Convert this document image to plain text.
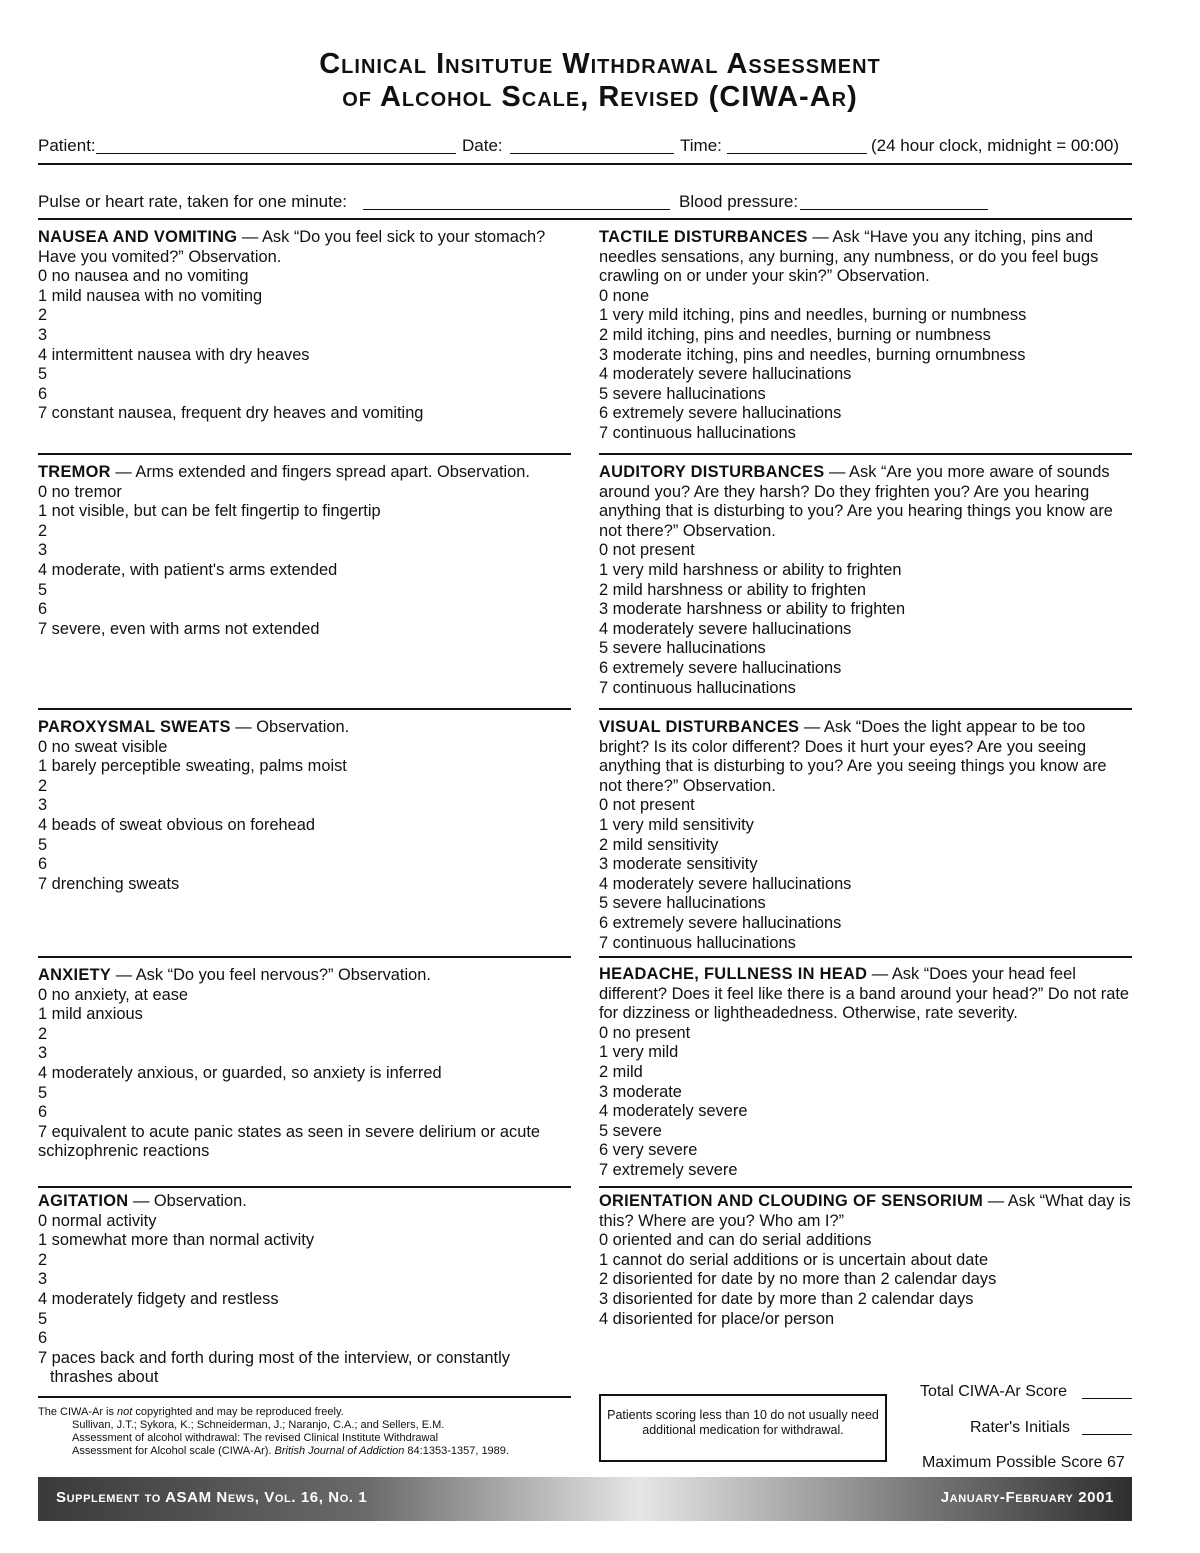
Clinical Insitutue Withdrawal Assessment
of Alcohol Scale, Revised (CIWA-Ar)
Patient:	Date:	Time:	(24 hour clock, midnight = 00:00)
Pulse or heart rate, taken for one minute:	Blood pressure:
NAUSEA AND VOMITING — Ask “Do you feel sick to your stomach? Have you vomited?” Observation.
0 no nausea and no vomiting
1 mild nausea with no vomiting
2
3
4 intermittent nausea with dry heaves
5
6
7 constant nausea, frequent dry heaves and vomiting
TREMOR — Arms extended and fingers spread apart. Observation.
0 no tremor
1 not visible, but can be felt fingertip to fingertip
2
3
4 moderate, with patient's arms extended
5
6
7 severe, even with arms not extended
PAROXYSMAL SWEATS — Observation.
0 no sweat visible
1 barely perceptible sweating, palms moist
2
3
4 beads of sweat obvious on forehead
5
6
7 drenching sweats
ANXIETY — Ask “Do you feel nervous?” Observation.
0 no anxiety, at ease
1 mild anxious
2
3
4 moderately anxious, or guarded, so anxiety is inferred
5
6
7 equivalent to acute panic states as seen in severe delirium or acute schizophrenic reactions
AGITATION — Observation.
0 normal activity
1 somewhat more than normal activity
2
3
4 moderately fidgety and restless
5
6
7 paces back and forth during most of the interview, or constantly thrashes about
TACTILE DISTURBANCES — Ask “Have you any itching, pins and needles sensations, any burning, any numbness, or do you feel bugs crawling on or under your skin?” Observation.
0 none
1 very mild itching, pins and needles, burning or numbness
2 mild itching, pins and needles, burning or numbness
3 moderate itching, pins and needles, burning ornumbness
4 moderately severe hallucinations
5 severe hallucinations
6 extremely severe hallucinations
7 continuous hallucinations
AUDITORY DISTURBANCES — Ask “Are you more aware of sounds around you? Are they harsh? Do they frighten you? Are you hearing anything that is disturbing to you? Are you hearing things you know are not there?” Observation.
0 not present
1 very mild harshness or ability to frighten
2 mild harshness or ability to frighten
3 moderate harshness or ability to frighten
4 moderately severe hallucinations
5 severe hallucinations
6 extremely severe hallucinations
7 continuous hallucinations
VISUAL DISTURBANCES — Ask “Does the light appear to be too bright? Is its color different? Does it hurt your eyes? Are you seeing anything that is disturbing to you? Are you seeing things you know are not there?” Observation.
0 not present
1 very mild sensitivity
2 mild sensitivity
3 moderate sensitivity
4 moderately severe hallucinations
5 severe hallucinations
6 extremely severe hallucinations
7 continuous hallucinations
HEADACHE, FULLNESS IN HEAD — Ask “Does your head feel different? Does it feel like there is a band around your head?” Do not rate for dizziness or lightheadedness. Otherwise, rate severity.
0 no present
1 very mild
2 mild
3 moderate
4 moderately severe
5 severe
6 very severe
7 extremely severe
ORIENTATION AND CLOUDING OF SENSORIUM — Ask “What day is this? Where are you? Who am I?”
0 oriented and can do serial additions
1 cannot do serial additions or is uncertain about date
2 disoriented for date by no more than 2 calendar days
3 disoriented for date by more than 2 calendar days
4 disoriented for place/or person
The CIWA-Ar is not copyrighted and may be reproduced freely.
Sullivan, J.T.; Sykora, K.; Schneiderman, J.; Naranjo, C.A.; and Sellers, E.M.
Assessment of alcohol withdrawal: The revised Clinical Institute Withdrawal
Assessment for Alcohol scale (CIWA-Ar). British Journal of Addiction 84:1353-1357, 1989.
Patients scoring less than 10 do not usually need additional medication for withdrawal.
Total CIWA-Ar Score
Rater's Initials
Maximum Possible Score 67
Supplement to ASAM News, Vol. 16, No. 1	January-February 2001
